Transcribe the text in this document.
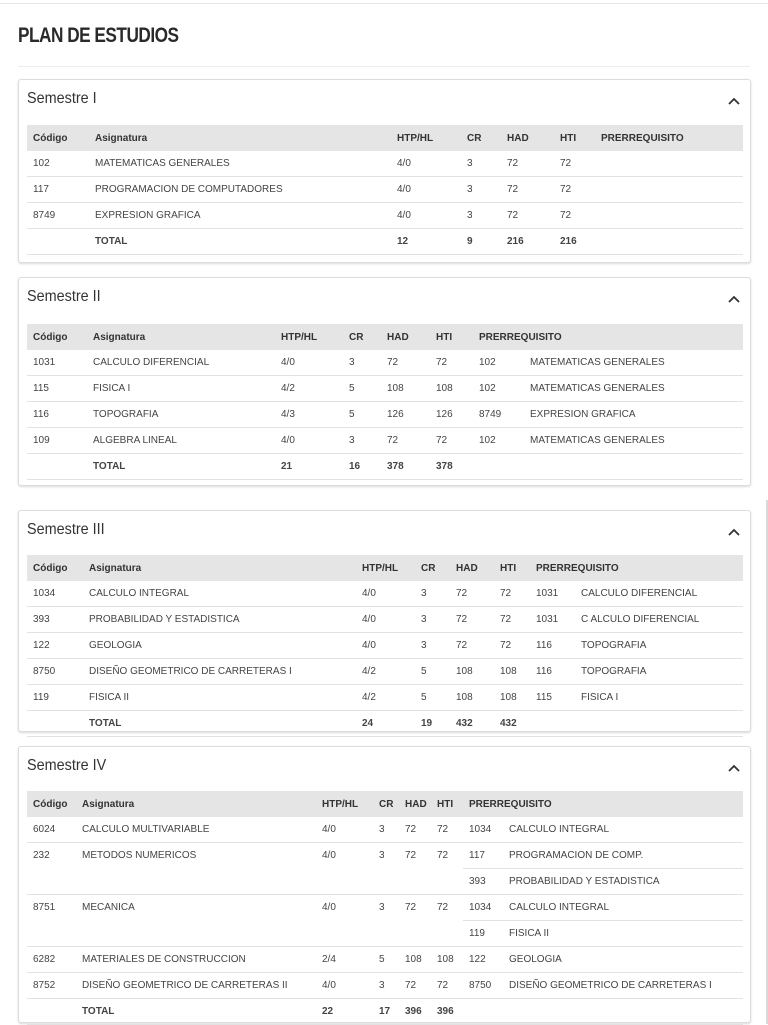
PLAN DE ESTUDIOS
Semestre I
Código	Asignatura	HTP/HL	CR	HAD	HTI	PRERREQUISITO
102	MATEMATICAS GENERALES	4/0	3	72	72	
117	PROGRAMACION DE COMPUTADORES	4/0	3	72	72	
8749	EXPRESION GRAFICA	4/0	3	72	72	
	TOTAL	12	9	216	216	
Semestre II
Código	Asignatura	HTP/HL	CR	HAD	HTI	PRERREQUISITO	
1031	CALCULO DIFERENCIAL	4/0	3	72	72	102	MATEMATICAS GENERALES
115	FISICA I	4/2	5	108	108	102	MATEMATICAS GENERALES
116	TOPOGRAFIA	4/3	5	126	126	8749	EXPRESION GRAFICA
109	ALGEBRA LINEAL	4/0	3	72	72	102	MATEMATICAS GENERALES
	TOTAL	21	16	378	378		
Semestre III
Código	Asignatura	HTP/HL	CR	HAD	HTI	PRERREQUISITO	
1034	CALCULO INTEGRAL	4/0	3	72	72	1031	CALCULO DIFERENCIAL
393	PROBABILIDAD Y ESTADISTICA	4/0	3	72	72	1031	C ALCULO DIFERENCIAL
122	GEOLOGIA	4/0	3	72	72	116	TOPOGRAFIA
8750	DISEÑO GEOMETRICO DE CARRETERAS I	4/2	5	108	108	116	TOPOGRAFIA
119	FISICA II	4/2	5	108	108	115	FISICA I
	TOTAL	24	19	432	432		
Semestre IV
Código	Asignatura	HTP/HL	CR	HAD	HTI	PRERREQUISITO	
6024	CALCULO MULTIVARIABLE	4/0	3	72	72	1034	CALCULO INTEGRAL
232	METODOS NUMERICOS	4/0	3	72	72	117	PROGRAMACION DE COMP.
						393	PROBABILIDAD Y ESTADISTICA
8751	MECANICA	4/0	3	72	72	1034	CALCULO INTEGRAL
						119	FISICA II
6282	MATERIALES DE CONSTRUCCION	2/4	5	108	108	122	GEOLOGIA
8752	DISEÑO GEOMETRICO DE CARRETERAS II	4/0	3	72	72	8750	DISEÑO GEOMETRICO DE CARRETERAS I
	TOTAL	22	17	396	396		
